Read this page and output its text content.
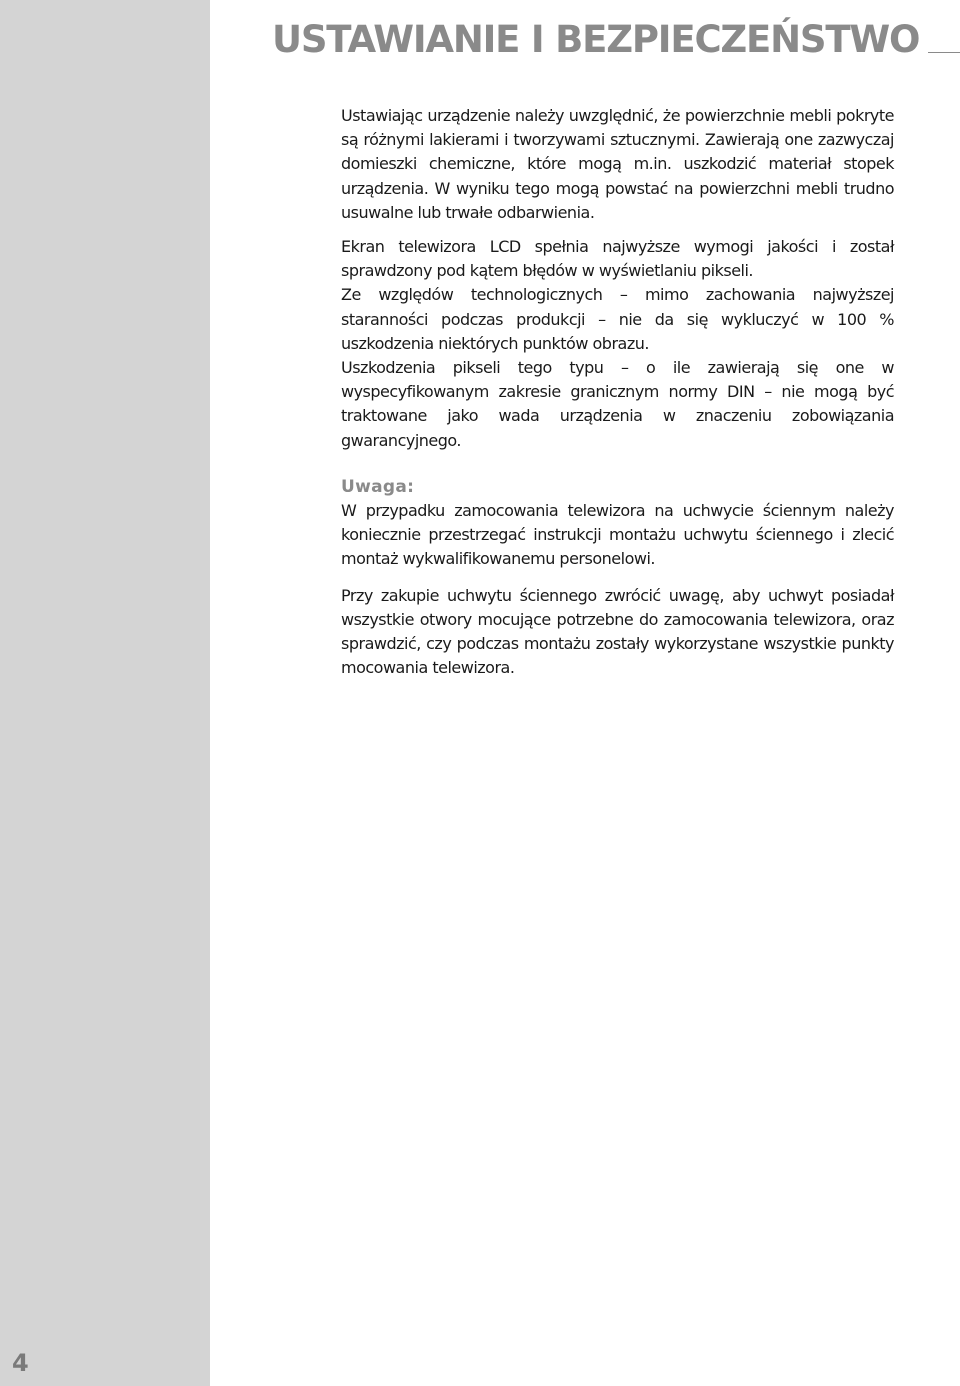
USTAWIANIE I BEZPIECZEŃSTWO

Ustawiając urządzenie należy uwzględnić, że powierzchnie mebli pokryte są różnymi lakierami i tworzywami sztucznymi. Zawierają one zazwyczaj domieszki chemiczne, które mogą m.in. uszkodzić materiał stopek urządzenia. W wyniku tego mogą powstać na powierzchni mebli trudno usuwalne lub trwałe odbarwienia.

Ekran telewizora LCD spełnia najwyższe wymogi jakości i został sprawdzony pod kątem błędów w wyświetlaniu pikseli.

Ze względów technologicznych – mimo zachowania najwyższej staranności podczas produkcji – nie da się wykluczyć w 100 % uszkodzenia niektórych punktów obrazu.

Uszkodzenia pikseli tego typu – o ile zawierają się one w wyspecyfikowanym zakresie granicznym normy DIN – nie mogą być traktowane jako wada urządzenia w znaczeniu zobowiązania gwarancyjnego.

Uwaga:

W przypadku zamocowania telewizora na uchwycie ściennym należy koniecznie przestrzegać instrukcji montażu uchwytu ściennego i zlecić montaż wykwalifikowanemu personelowi.

Przy zakupie uchwytu ściennego zwrócić uwagę, aby uchwyt posiadał wszystkie otwory mocujące potrzebne do zamocowania telewizora, oraz sprawdzić, czy podczas montażu zostały wykorzystane wszystkie punkty mocowania telewizora.

4
